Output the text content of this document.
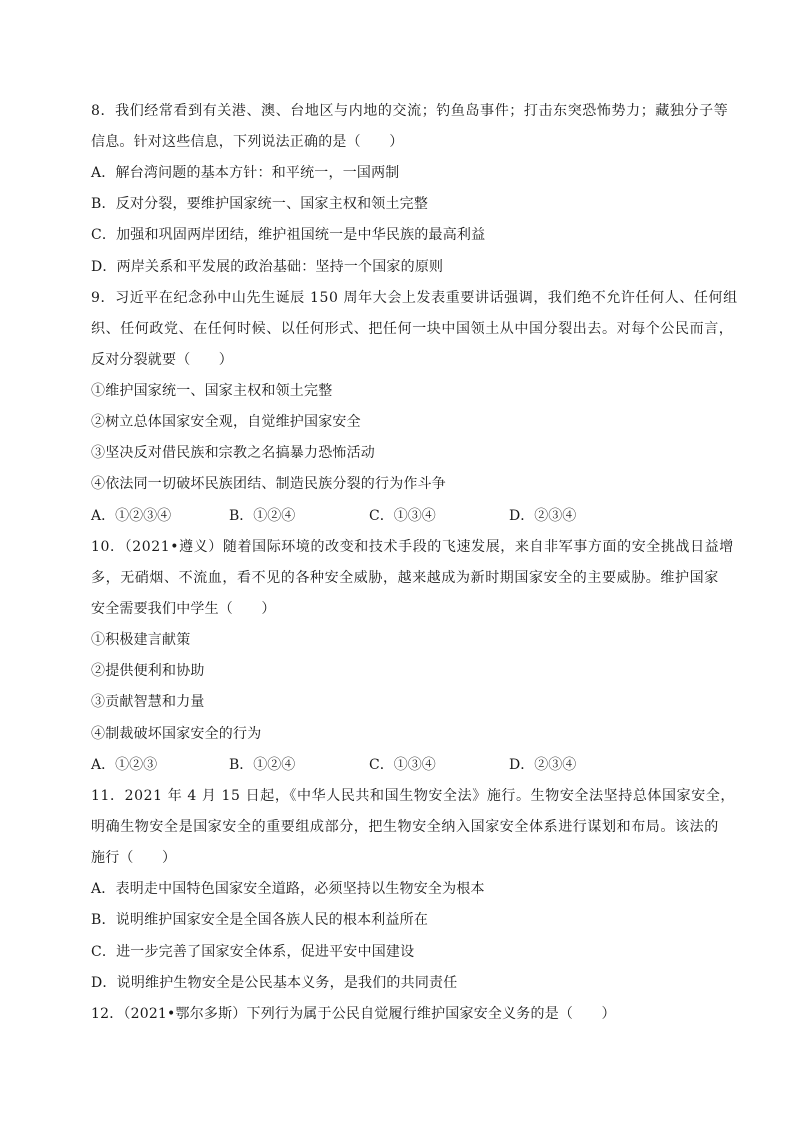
8．我们经常看到有关港、澳、台地区与内地的交流；钓鱼岛事件；打击东突恐怖势力；藏独分子等
信息。针对这些信息，下列说法正确的是（　　）
A．解台湾问题的基本方针：和平统一，一国两制
B．反对分裂，要维护国家统一、国家主权和领土完整
C．加强和巩固两岸团结，维护祖国统一是中华民族的最高利益
D．两岸关系和平发展的政治基础：坚持一个国家的原则
9．习近平在纪念孙中山先生诞辰 150 周年大会上发表重要讲话强调，我们绝不允许任何人、任何组
织、任何政党、在任何时候、以任何形式、把任何一块中国领土从中国分裂出去。对每个公民而言，
反对分裂就要（　　）
①维护国家统一、国家主权和领土完整
②树立总体国家安全观，自觉维护国家安全
③坚决反对借民族和宗教之名搞暴力恐怖活动
④依法同一切破坏民族团结、制造民族分裂的行为作斗争
A．①②③④	B．①②④	C．①③④	D．②③④
10．（2021•遵义）随着国际环境的改变和技术手段的飞速发展，来自非军事方面的安全挑战日益增
多，无硝烟、不流血，看不见的各种安全威胁，越来越成为新时期国家安全的主要威胁。维护国家
安全需要我们中学生（　　）
①积极建言献策
②提供便利和协助
③贡献智慧和力量
④制裁破坏国家安全的行为
A．①②③	B．①②④	C．①③④	D．②③④
11．2021 年 4 月 15 日起，《中华人民共和国生物安全法》施行。生物安全法坚持总体国家安全，
明确生物安全是国家安全的重要组成部分，把生物安全纳入国家安全体系进行谋划和布局。该法的
施行（　　）
A．表明走中国特色国家安全道路，必须坚持以生物安全为根本
B．说明维护国家安全是全国各族人民的根本利益所在
C．进一步完善了国家安全体系，促进平安中国建设
D．说明维护生物安全是公民基本义务，是我们的共同责任
12．（2021•鄂尔多斯）下列行为属于公民自觉履行维护国家安全义务的是（　　）
